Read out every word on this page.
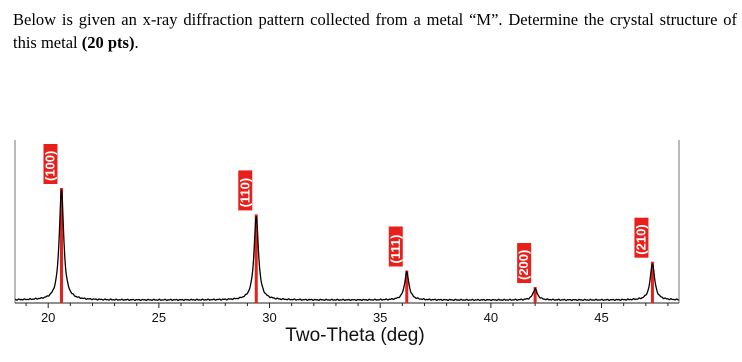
Below is given an x-ray diffraction pattern collected from a metal “M”. Determine the crystal structure of this metal (20 pts).
20	25	30	35	40	45
(100)
(110)
(111)
(200)
(210)
Two-Theta (deg)
